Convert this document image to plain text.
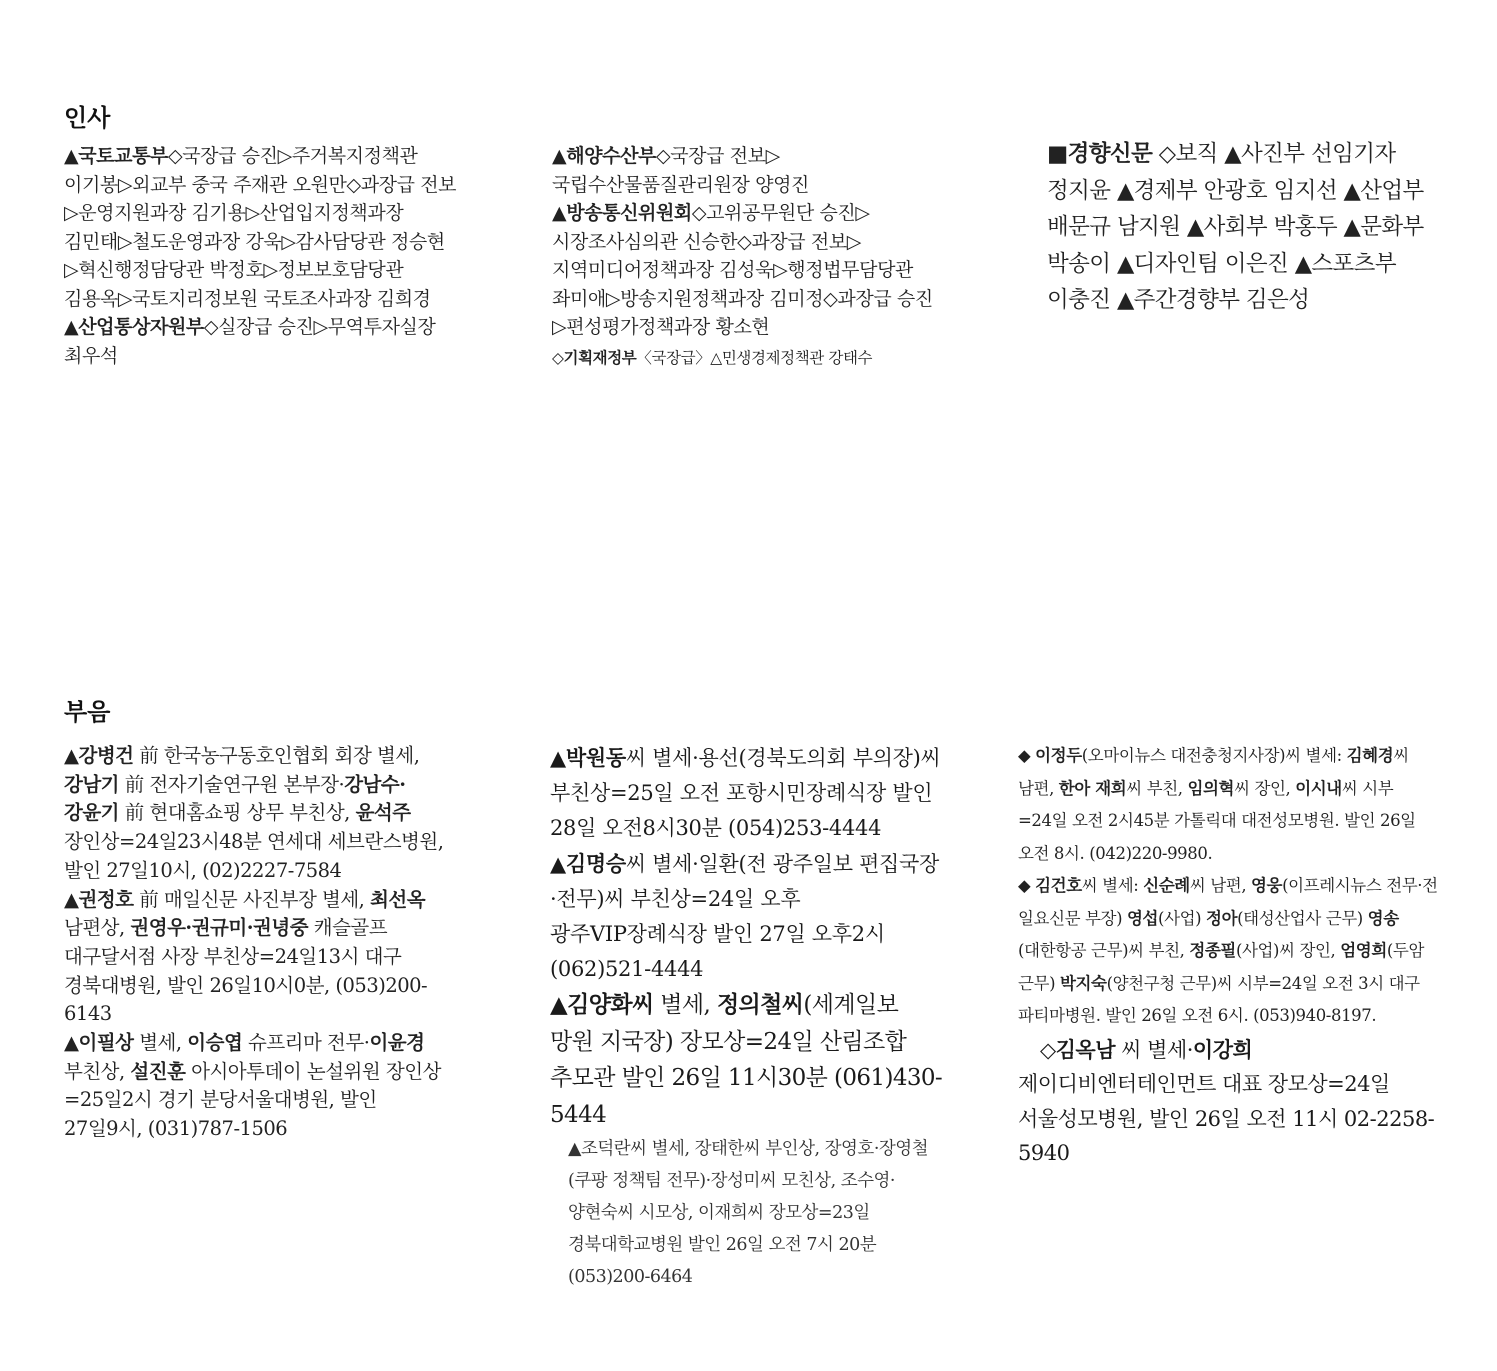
인사

▲국토교통부◇국장급 승진▷주거복지정책관 이기봉▷외교부 중국 주재관 오원만◇과장급 전보▷운영지원과장 김기용▷산업입지정책과장 김민태▷철도운영과장 강욱▷감사담당관 정승현▷혁신행정담당관 박정호▷정보보호담당관 김용옥▷국토지리정보원 국토조사과장 김희경

▲산업통상자원부◇실장급 승진▷무역투자실장 최우석

▲해양수산부◇국장급 전보▷국립수산물품질관리원장 양영진

▲방송통신위원회◇고위공무원단 승진▷시장조사심의관 신승한◇과장급 전보▷지역미디어정책과장 김성욱▷행정법무담당관 좌미애▷방송지원정책과장 김미정◇과장급 승진▷편성평가정책과장 황소현

◇기획재정부〈국장급〉△민생경제정책관 강태수

■경향신문 ◇보직 ▲사진부 선임기자 정지윤 ▲경제부 안광호 임지선 ▲산업부 배문규 남지원 ▲사회부 박홍두 ▲문화부 박송이 ▲디자인팀 이은진 ▲스포츠부 이충진 ▲주간경향부 김은성

부음

▲강병건 前 한국농구동호인협회 회장 별세, 강남기 前 전자기술연구원 본부장·강남수·강윤기 前 현대홈쇼핑 상무 부친상, 윤석주 장인상=24일23시48분 연세대 세브란스병원, 발인 27일10시, (02)2227-7584

▲권정호 前 매일신문 사진부장 별세, 최선옥 남편상, 권영우·권규미·권녕중 캐슬골프 대구달서점 사장 부친상=24일13시 대구 경북대병원, 발인 26일10시0분, (053)200-6143

▲이필상 별세, 이승엽 슈프리마 전무·이윤경 부친상, 설진훈 아시아투데이 논설위원 장인상=25일2시 경기 분당서울대병원, 발인 27일9시, (031)787-1506

▲박원동씨 별세·용선(경북도의회 부의장)씨 부친상=25일 오전 포항시민장례식장 발인 28일 오전8시30분 (054)253-4444

▲김명승씨 별세·일환(전 광주일보 편집국장·전무)씨 부친상=24일 오후 광주VIP장례식장 발인 27일 오후2시 (062)521-4444

▲김양화씨 별세, 정의철씨(세계일보 망원 지국장) 장모상=24일 산림조합 추모관 발인 26일 11시30분 (061)430-5444

▲조덕란씨 별세, 장태한씨 부인상, 장영호·장영철(쿠팡 정책팀 전무)·장성미씨 모친상, 조수영·양현숙씨 시모상, 이재희씨 장모상=23일 경북대학교병원 발인 26일 오전 7시 20분 (053)200-6464

◆ 이정두(오마이뉴스 대전충청지사장)씨 별세: 김혜경씨 남편, 한아 재희씨 부친, 임의혁씨 장인, 이시내씨 시부=24일 오전 2시45분 가톨릭대 대전성모병원. 발인 26일 오전 8시. (042)220-9980.

◆ 김건호씨 별세: 신순례씨 남편, 영웅(이프레시뉴스 전무·전 일요신문 부장) 영섭(사업) 정아(태성산업사 근무) 영송(대한항공 근무)씨 부친, 정종필(사업)씨 장인, 엄영희(두암 근무) 박지숙(양천구청 근무)씨 시부=24일 오전 3시 대구 파티마병원. 발인 26일 오전 6시. (053)940-8197.

◇김옥남 씨 별세·이강희 제이디비엔터테인먼트 대표 장모상=24일 서울성모병원, 발인 26일 오전 11시 02-2258-5940
